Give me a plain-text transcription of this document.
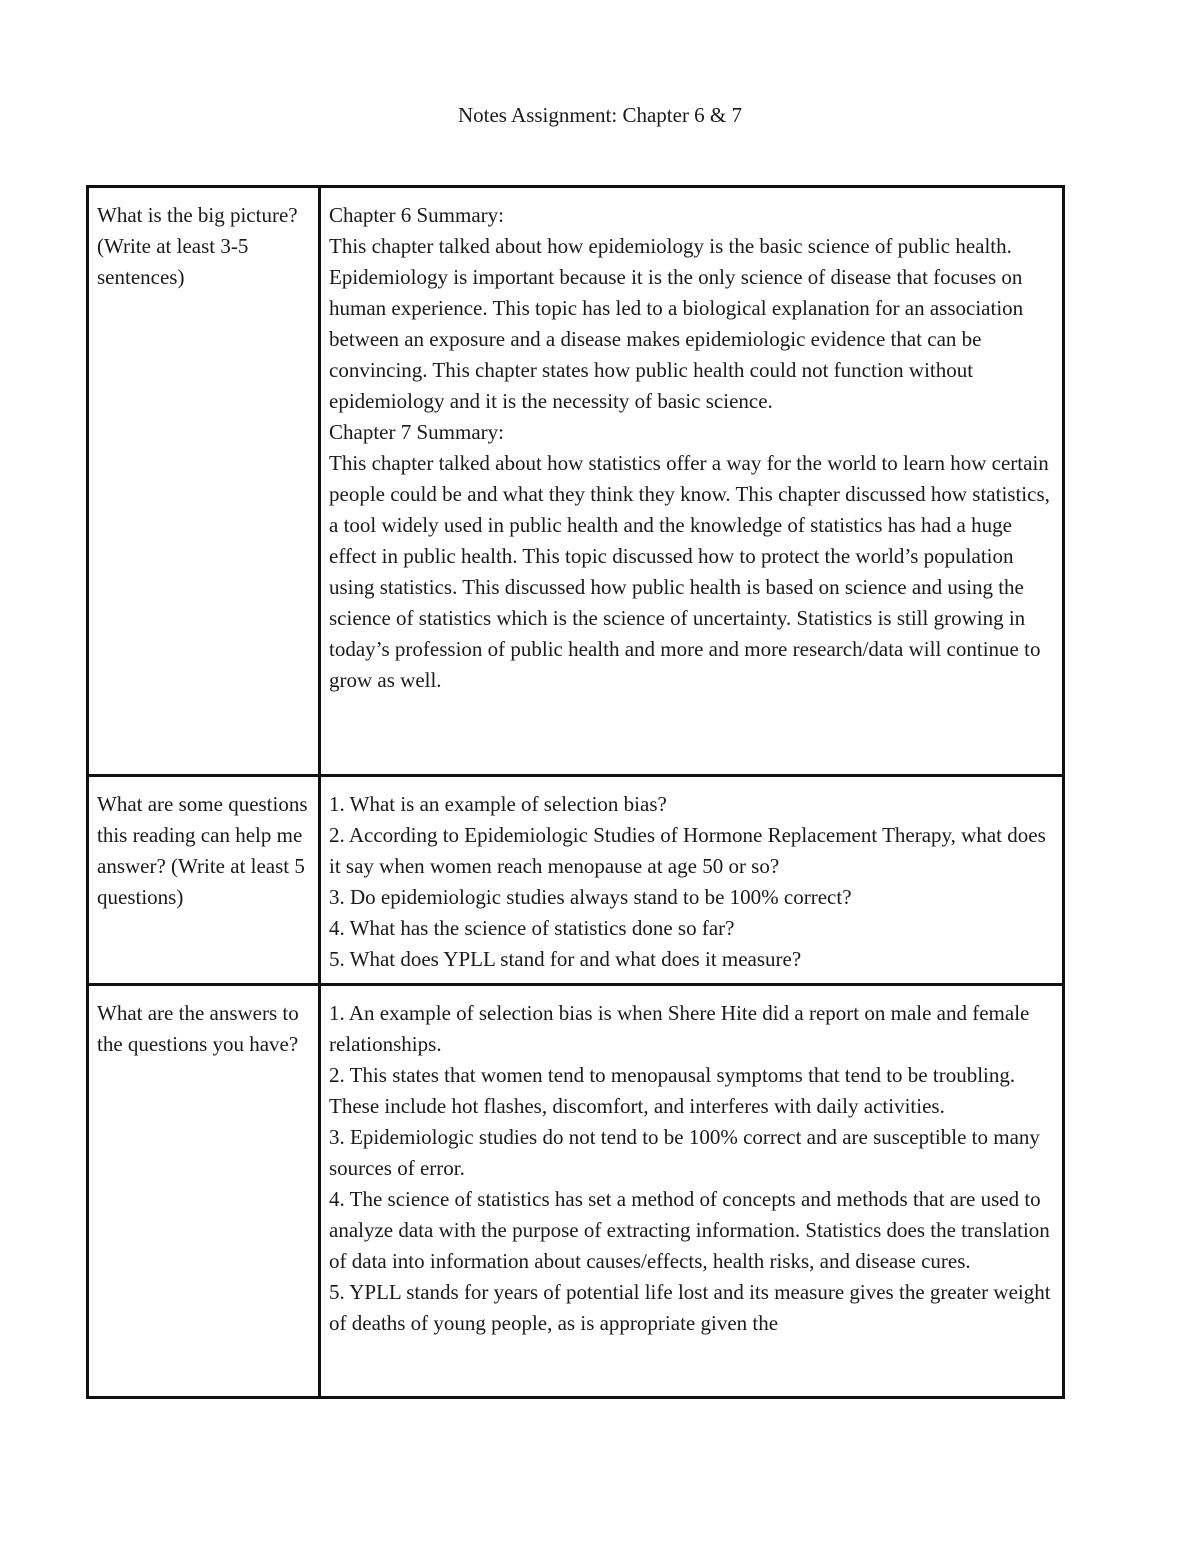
Notes Assignment: Chapter 6 & 7
What is the big picture? (Write at least 3-5 sentences)	Chapter 6 Summary:
This chapter talked about how epidemiology is the basic science of public health. Epidemiology is important because it is the only science of disease that focuses on human experience. This topic has led to a biological explanation for an association between an exposure and a disease makes epidemiologic evidence that can be convincing. This chapter states how public health could not function without epidemiology and it is the necessity of basic science.
Chapter 7 Summary:
This chapter talked about how statistics offer a way for the world to learn how certain people could be and what they think they know. This chapter discussed how statistics, a tool widely used in public health and the knowledge of statistics has had a huge effect in public health. This topic discussed how to protect the world’s population using statistics. This discussed how public health is based on science and using the science of statistics which is the science of uncertainty. Statistics is still growing in today’s profession of public health and more and more research/data will continue to grow as well.

What are some questions this reading can help me answer? (Write at least 5 questions)	1. What is an example of selection bias?
2. According to Epidemiologic Studies of Hormone Replacement Therapy, what does it say when women reach menopause at age 50 or so?
3. Do epidemiologic studies always stand to be 100% correct?
4. What has the science of statistics done so far?
5. What does YPLL stand for and what does it measure?

What are the answers to the questions you have?	1. An example of selection bias is when Shere Hite did a report on male and female relationships.
2. This states that women tend to menopausal symptoms that tend to be troubling. These include hot flashes, discomfort, and interferes with daily activities.
3. Epidemiologic studies do not tend to be 100% correct and are susceptible to many sources of error.
4. The science of statistics has set a method of concepts and methods that are used to analyze data with the purpose of extracting information. Statistics does the translation of data into information about causes/effects, health risks, and disease cures.
5. YPLL stands for years of potential life lost and its measure gives the greater weight of deaths of young people, as is appropriate given the
